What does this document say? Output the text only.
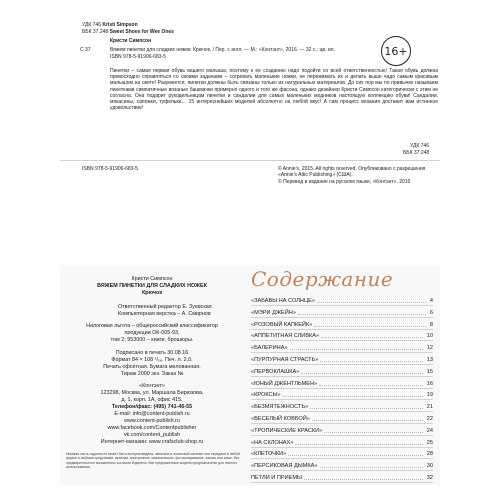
УДК 746 Kristi Simpson
ББК 37.248 Sweet Shoes for Wee Ones
Кристи Симпсон
С 37	Вяжем пинетки для сладких ножек: Крючок. / Пер. с англ. — М.: «Контэнт», 2016. — 32 с.: цв. ил.
ISBN 978-5-91906-683-5	16+
Пинетки – самая первая обувь вашего малыша, поэтому к ее созданию надо подойти со всей ответственностью! Такая обувь должна превосходно справляться со своими задачами – согревать маленькие ножки, не пережимать их и делать выше чадо самым красивым малышом на свете! Разумеется, пинетки должны быть связаны только из натуральных материалов. До сих пор мы по привычке называем пинетками симпатичные вязаные башмачки примерно одного и того же фасона, однако дизайнер Кристи Симпсон категорически с этим не согласна. Она подарит рукодельницам пинетки и сандалии для самых маленьких модников настоящую коллекцию обуви! Сандалии, мокасины, сапожки, туфельки… 15 интереснейших моделей абсолютно на любой вкус! А сам процесс вязания доставит вам истинное удовольствие!
УДК 746
ББК 37.248
ISBN 978-5-91906-683-5	© Annie's, 2015. All rights reserved. Опубликовано с разрешения «Annie's Attic Publishing» (США).
© Перевод и издание на русском языке, «Контэнт», 2016
Кристи Симпсон
ВЯЖЕМ ПИНЕТКИ ДЛЯ СЛАДКИХ НОЖЕК
Крючок
Ответственный редактор Е. Зуевская
Компьютерная верстка – А. Смирнов
Налоговая льгота – общероссийский классификатор
продукции ОК-005-93,
том 2; 953000 – книги, брошюры.
Подписано в печать 30.08.16
Формат 84 × 108 ¹/₁₆. Печ. л. 2,0.
Печать офсетная. Бумага мелованная.
Тираж 2000 экз. Заказ №
«Контэнт»
123298, Москва, ул. Маршала Бирюзова,
д. 1, корп. 1А, офис 415.
Телефон/факс: (495) 741-46-55
E-mail: info@content-publish.ru
www.content-publish.ru
www.facebook.com/Contentpublisher
vk.com/content_publish
Интернет-магазин: www.crafsclub-shop.ru
Никакая часть издания не может быть воспроизведена, записана в поисковой системе или передана в любой форме и любыми средствами, включая электронные, механические, фотокопирование, запись или иные, без предварительного письменного согласия Издателя. Все предложенные модели предназначены для личного использования.
Содержание
«ЗАБАВЫ НА СОЛНЦЕ»	4
«МЭРИ ДЖЕЙН»	6
«РОЗОВЫЙ КАПКЕЙК»	8
«АППЕТИТНАЯ СЛИВКА»	10
«БАЛЕРИНА»	12
«ПУРПУРНАЯ СТРАСТЬ»	13
«ПЕРВОКЛАШКА»	15
«ЮНЫЙ ДЖЕНТЛЬМЕН»	16
«КРОКСЫ»	19
«БЕЗМЯТЕЖНОСТЬ»	21
«ВЕСЕЛЫЙ КОВБОЙ»	22
«ТРОПИЧЕСКИЕ КРАСКИ»	24
«НА СКЛОНАХ»	25
«КЛЕТОЧКИ»	28
«ПЕРСИКОВАЯ ДЫМКА»	30
ПЕТЛИ И ПРИЕМЫ	32
